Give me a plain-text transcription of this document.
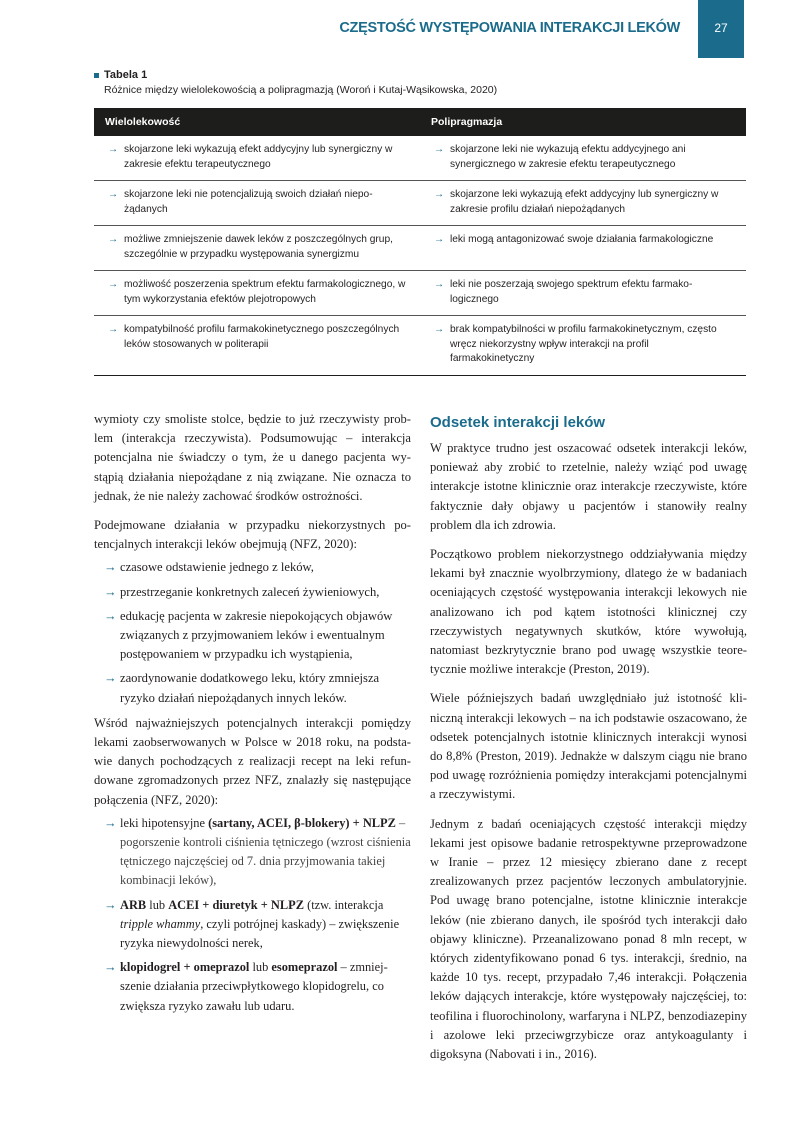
CZĘSTOŚĆ WYSTĘPOWANIA INTERAKCJI LEKÓW	27
Tabela 1
Różnice między wielolekowością a polipragmazją (Woroń i Kutaj-Wąsikowska, 2020)
Wielolekowość	Polipragmazja
→ skojarzone leki wykazują efekt addycyjny lub synergiczny w zakresie efektu terapeutycznego
→ skojarzone leki nie wykazują efektu addycyjnego ani synergicznego w zakresie efektu terapeutycznego
→ skojarzone leki nie potencjalizują swoich działań niepożądanych
→ skojarzone leki wykazują efekt addycyjny lub synergiczny w zakresie profilu działań niepożądanych
→ możliwe zmniejszenie dawek leków z poszczególnych grup, szczególnie w przypadku występowania synergizmu
→ leki mogą antagonizować swoje działania farmakologiczne
→ możliwość poszerzenia spektrum efektu farmakologicznego, w tym wykorzystania efektów plejotropowych
→ leki nie poszerzają swojego spektrum efektu farmakologicznego
→ kompatybilność profilu farmakokinetycznego poszczególnych leków stosowanych w politerapii
→ brak kompatybilności w profilu farmakokinetycznym, często wręcz niekorzystny wpływ interakcji na profil farmakokinetyczny

wymioty czy smoliste stolce, będzie to już rzeczywisty problem (interakcja rzeczywista). Podsumowując – interakcja potencjalna nie świadczy o tym, że u danego pacjenta wystąpią działania niepożądane z nią związane. Nie oznacza to jednak, że nie należy zachować środków ostrożności.

Podejmowane działania w przypadku niekorzystnych potencjalnych interakcji leków obejmują (NFZ, 2020):

→ czasowe odstawienie jednego z leków,
→ przestrzeganie konkretnych zaleceń żywieniowych,
→ edukację pacjenta w zakresie niepokojących objawów związanych z przyjmowaniem leków i ewentualnym postępowaniem w przypadku ich wystąpienia,
→ zaordynowanie dodatkowego leku, który zmniejsza ryzyko działań niepożądanych innych leków.

Wśród najważniejszych potencjalnych interakcji pomiędzy lekami zaobserwowanych w Polsce w 2018 roku, na podstawie danych pochodzących z realizacji recept na leki refundowane zgromadzonych przez NFZ, znalazły się następujące połączenia (NFZ, 2020):

→ leki hipotensyjne (sartany, ACEI, β-blokery) + NLPZ – pogorszenie kontroli ciśnienia tętniczego (wzrost ciśnienia tętniczego najczęściej od 7. dnia przyjmowania takiej kombinacji leków),
→ ARB lub ACEI + diuretyk + NLPZ (tzw. interakcja tripple whammy, czyli potrójnej kaskady) – zwiększenie ryzyka niewydolności nerek,
→ klopidogrel + omeprazol lub esomeprazol – zmniejszenie działania przeciwpłytkowego klopidogrelu, co zwiększa ryzyko zawału lub udaru.
Odsetek interakcji leków

W praktyce trudno jest oszacować odsetek interakcji leków, ponieważ aby zrobić to rzetelnie, należy wziąć pod uwagę interakcje istotne klinicznie oraz interakcje rzeczywiste, które faktycznie dały objawy u pacjentów i stanowiły realny problem dla ich zdrowia.

Początkowo problem niekorzystnego oddziaływania między lekami był znacznie wyolbrzymiony, dlatego że w badaniach oceniających częstość występowania interakcji lekowych nie analizowano ich pod kątem istotności klinicznej czy rzeczywistych negatywnych skutków, które wywołują, natomiast bezkrytycznie brano pod uwagę wszystkie teoretycznie możliwe interakcje (Preston, 2019).

Wiele późniejszych badań uwzględniało już istotność kliniczną interakcji lekowych – na ich podstawie oszacowano, że odsetek potencjalnych istotnie klinicznych interakcji wynosi do 8,8% (Preston, 2019). Jednakże w dalszym ciągu nie brano pod uwagę rozróżnienia pomiędzy interakcjami potencjalnymi a rzeczywistymi.

Jednym z badań oceniających częstość interakcji między lekami jest opisowe badanie retrospektywne przeprowadzone w Iranie – przez 12 miesięcy zbierano dane z recept zrealizowanych przez pacjentów leczonych ambulatoryjnie. Pod uwagę brano potencjalne, istotne klinicznie interakcje leków (nie zbierano danych, ile spośród tych interakcji dało objawy kliniczne). Przeanalizowano ponad 8 mln recept, w których zidentyfikowano ponad 6 tys. interakcji, średnio, na każde 10 tys. recept, przypadało 7,46 interakcji. Połączenia leków dających interakcje, które występowały najczęściej, to: teofilina i fluorochinolony, warfaryna i NLPZ, benzodiazepiny i azolowe leki przeciwgrzybicze oraz antykoagulanty i digoksyna (Nabovati i in., 2016).
